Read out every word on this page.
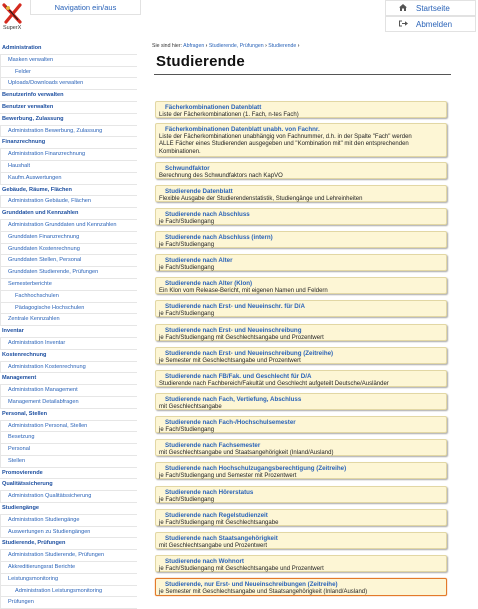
SuperX
Navigation ein/aus	Startseite
Abmelden
Administration
Masken verwalten
Felder
Uploads/Downloads verwalten
Benutzerinfo verwalten
Benutzer verwalten
Bewerbung, Zulassung
Administration Bewerbung, Zulassung
Finanzrechnung
Administration Finanzrechnung
Haushalt
Kaufm.Auswertungen
Gebäude, Räume, Flächen
Administration Gebäude, Flächen
Grunddaten und Kennzahlen
Administration Grunddaten und Kennzahlen
Grunddaten Finanzrechnung
Grunddaten Kostenrechnung
Grunddaten Stellen, Personal
Grunddaten Studierende, Prüfungen
Semesterberichte
Fachhochschulen
Pädagogische Hochschulen
Zentrale Kennzahlen
Inventar
Administration Inventar
Kostenrechnung
Administration Kostenrechnung
Management
Administration Management
Management Detailabfragen
Personal, Stellen
Administration Personal, Stellen
Besetzung
Personal
Stellen
Promovierende
Qualitätssicherung
Administration Qualitätssicherung
Studiengänge
Administration Studiengänge
Auswertungen zu Studiengängen
Studierende, Prüfungen
Administration Studierende, Prüfungen
Akkreditierungsrat Berichte
Leistungsmonitoring
Administration Leistungsmonitoring
Prüfungen
Sie sind hier: Abfragen › Studierende, Prüfungen › Studierende ›
Studierende
Fächerkombinationen Datenblatt
Liste der Fächerkombinationen (1. Fach, n-tes Fach)
Fächerkombinationen Datenblatt unabh. von Fachnr.
Liste der Fächerkombinationen unabhängig von Fachnummer, d.h. in der Spalte "Fach" werden
ALLE Fächer eines Studierenden ausgegeben und "Kombination mit" mit den entsprechenden
Kombinationen.
Schwundfaktor
Berechnung des Schwundfaktors nach KapVO
Studierende Datenblatt
Flexible Ausgabe der Studierendenstatistik, Studiengänge und Lehreinheiten
Studierende nach Abschluss
je Fach/Studiengang
Studierende nach Abschluss (intern)
je Fach/Studiengang
Studierende nach Alter
je Fach/Studiengang
Studierende nach Alter (Klon)
Ein Klon vom Release-Bericht, mit eigenen Namen und Feldern
Studierende nach Erst- und Neueinschr. für D/A
je Fach/Studiengang
Studierende nach Erst- und Neueinschreibung
je Fach/Studiengang mit Geschlechtsangabe und Prozentwert
Studierende nach Erst- und Neueinschreibung (Zeitreihe)
je Semester mit Geschlechtsangabe und Prozentwert
Studierende nach FB/Fak. und Geschlecht für D/A
Studierende nach Fachbereich/Fakultät und Geschlecht aufgeteilt Deutsche/Ausländer
Studierende nach Fach, Vertiefung, Abschluss
mit Geschlechtsangabe
Studierende nach Fach-/Hochschulsemester
je Fach/Studiengang
Studierende nach Fachsemester
mit Geschlechtsangabe und Staatsangehörigkeit (Inland/Ausland)
Studierende nach Hochschulzugangsberechtigung (Zeitreihe)
je Fach/Studiengang und Semester mit Prozentwert
Studierende nach Hörerstatus
je Fach/Studiengang
Studierende nach Regelstudienzeit
je Fach/Studiengang mit Geschlechtsangabe
Studierende nach Staatsangehörigkeit
mit Geschlechtsangabe und Prozentwert
Studierende nach Wohnort
je Fach/Studiengang mit Geschlechtsangabe und Prozentwert
Studierende, nur Erst- und Neueinschreibungen (Zeitreihe)
je Semester mit Geschlechtsangabe und Staatsangehörigkeit (Inland/Ausland)
